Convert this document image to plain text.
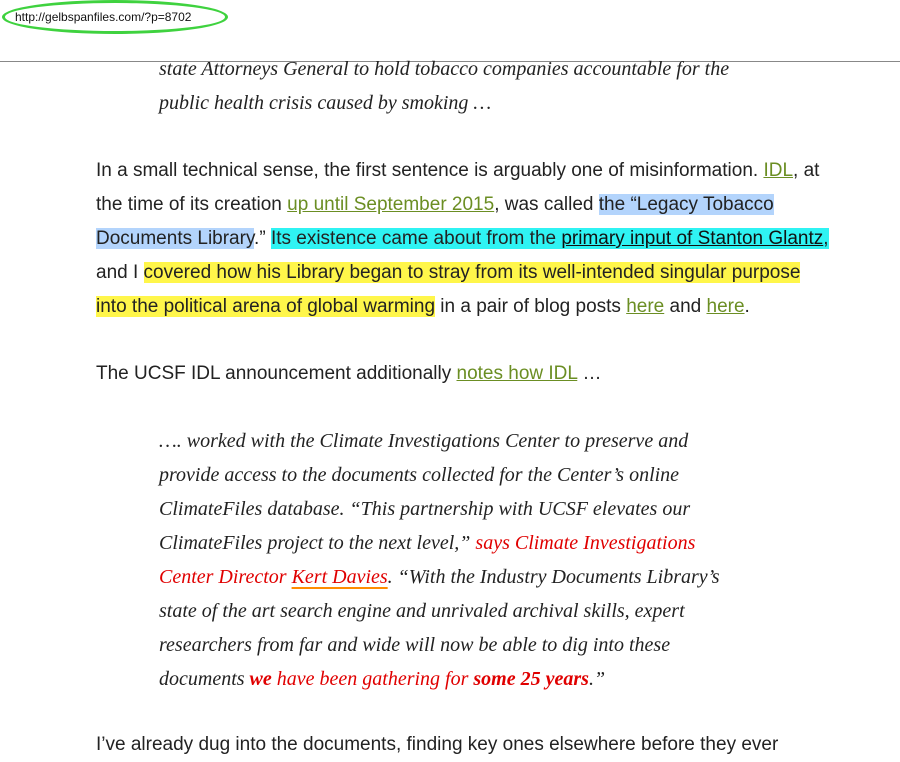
http://gelbspanfiles.com/?p=8702
state Attorneys General to hold tobacco companies accountable for the
public health crisis caused by smoking …
In a small technical sense, the first sentence is arguably one of misinformation. IDL, at
the time of its creation up until September 2015, was called the “Legacy Tobacco
Documents Library.” Its existence came about from the primary input of Stanton Glantz,
and I covered how his Library began to stray from its well-intended singular purpose
into the political arena of global warming in a pair of blog posts here and here.
The UCSF IDL announcement additionally notes how IDL …
…. worked with the Climate Investigations Center to preserve and
provide access to the documents collected for the Center’s online
ClimateFiles database. “This partnership with UCSF elevates our
ClimateFiles project to the next level,” says Climate Investigations
Center Director Kert Davies. “With the Industry Documents Library’s
state of the art search engine and unrivaled archival skills, expert
researchers from far and wide will now be able to dig into these
documents we have been gathering for some 25 years.”
I’ve already dug into the documents, finding key ones elsewhere before they ever
